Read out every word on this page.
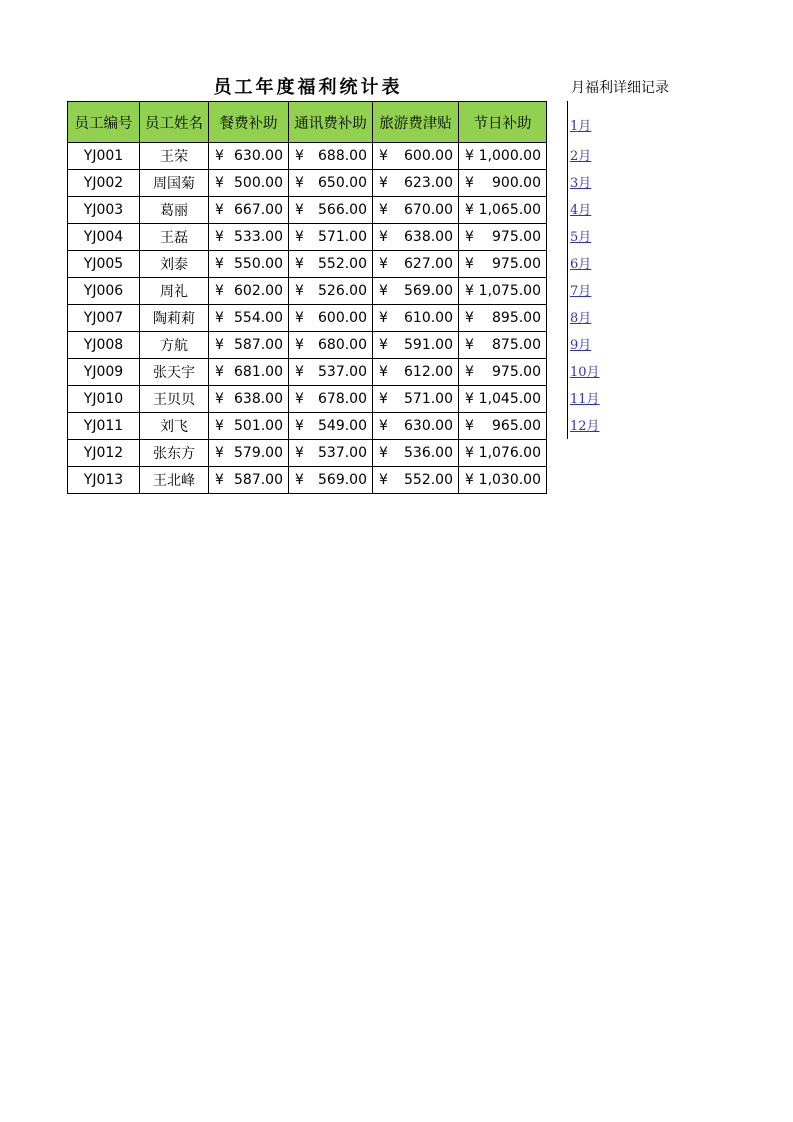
员工年度福利统计表
员工编号	员工姓名	餐费补助	通讯费补助	旅游费津贴	节日补助
YJ001	王荣	¥ 630.00	¥ 688.00	¥ 600.00	¥ 1,000.00

YJ002	周国菊	¥ 500.00	¥ 650.00	¥ 623.00	¥ 900.00

YJ003	葛丽	¥ 667.00	¥ 566.00	¥ 670.00	¥ 1,065.00

YJ004	王磊	¥ 533.00	¥ 571.00	¥ 638.00	¥ 975.00

YJ005	刘泰	¥ 550.00	¥ 552.00	¥ 627.00	¥ 975.00

YJ006	周礼	¥ 602.00	¥ 526.00	¥ 569.00	¥ 1,075.00

YJ007	陶莉莉	¥ 554.00	¥ 600.00	¥ 610.00	¥ 895.00

YJ008	方航	¥ 587.00	¥ 680.00	¥ 591.00	¥ 875.00

YJ009	张天宇	¥ 681.00	¥ 537.00	¥ 612.00	¥ 975.00

YJ010	王贝贝	¥ 638.00	¥ 678.00	¥ 571.00	¥ 1,045.00

YJ011	刘飞	¥ 501.00	¥ 549.00	¥ 630.00	¥ 965.00

YJ012	张东方	¥ 579.00	¥ 537.00	¥ 536.00	¥ 1,076.00

YJ013	王北峰	¥ 587.00	¥ 569.00	¥ 552.00	¥ 1,030.00
月福利详细记录
1月
2月
3月
4月
5月
6月
7月
8月
9月
10月
11月
12月
